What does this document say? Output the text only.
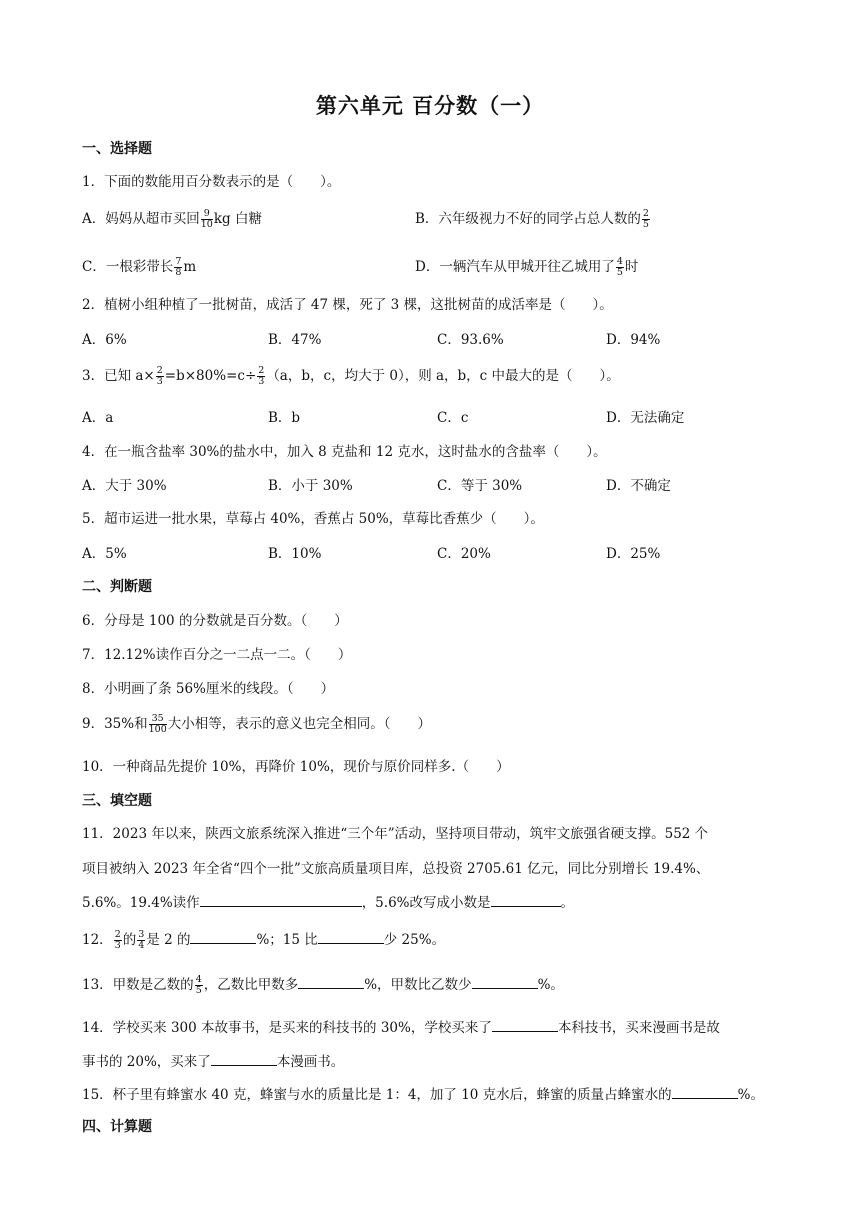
第六单元 百分数（一）
一、选择题
1．下面的数能用百分数表示的是（　　）。
A．妈妈从超市买回 $\frac{9}{10}$ kg 白糖	B．六年级视力不好的同学占总人数的 $\frac{2}{5}$
C．一根彩带长 $\frac{7}{8}$ m	D．一辆汽车从甲城开往乙城用了 $\frac{4}{5}$ 时
2．植树小组种植了一批树苗，成活了 47 棵，死了 3 棵，这批树苗的成活率是（　　）。
A．6%	B．47%	C．93.6%	D．94%
3．已知 $a\times \frac{2}{3} =b\times 80\%=c\div \frac{2}{3} (a$，b，c，均大于 0），则 a，b，c 中最大的是（　　）。
A．a	B．b	C．c	D．无法确定
4．在一瓶含盐率 30%的盐水中，加入 8 克盐和 12 克水，这时盐水的含盐率（　　）。
A．大于 30%	B．小于 30%	C．等于 30%	D．不确定
5．超市运进一批水果，草莓占 40%，香蕉占 50%，草莓比香蕉少（　　）。
A．5%	B．10%	C．20%	D．25%
二、判断题
6．分母是 100 的分数就是百分数。（　　）
7．12.12%读作百分之一二点一二。（　　）
8．小明画了条 56%厘米的线段。（　　）
9．35%和 $\frac{35}{100}$ 大小相等，表示的意义也完全相同。（　　）
10．一种商品先提价 10%，再降价 10%，现价与原价同样多.（　　）
三、填空题
11．2023 年以来，陕西文旅系统深入推进“三个年”活动，坚持项目带动，筑牢文旅强省硬支撑。552 个
项目被纳入 2023 年全省“四个一批”文旅高质量项目库，总投资 2705.61 亿元，同比分别增长 19.4%、
5.6%。19.4%读作	，5.6%改写成小数是	。
12． $\frac{2}{3}$ 的 $\frac{3}{4}$ 是 2 的	%；15 比	少 25%。
13．甲数是乙数的 $\frac{4}{5}$ ，乙数比甲数多	%，甲数比乙数少	%。
14．学校买来 300 本故事书，是买来的科技书的 30%，学校买来了	本科技书，买来漫画书是故
事书的 20%，买来了	本漫画书。
15．杯子里有蜂蜜水 40 克，蜂蜜与水的质量比是 1：4，加了 10 克水后，蜂蜜的质量占蜂蜜水的	%。
四、计算题
